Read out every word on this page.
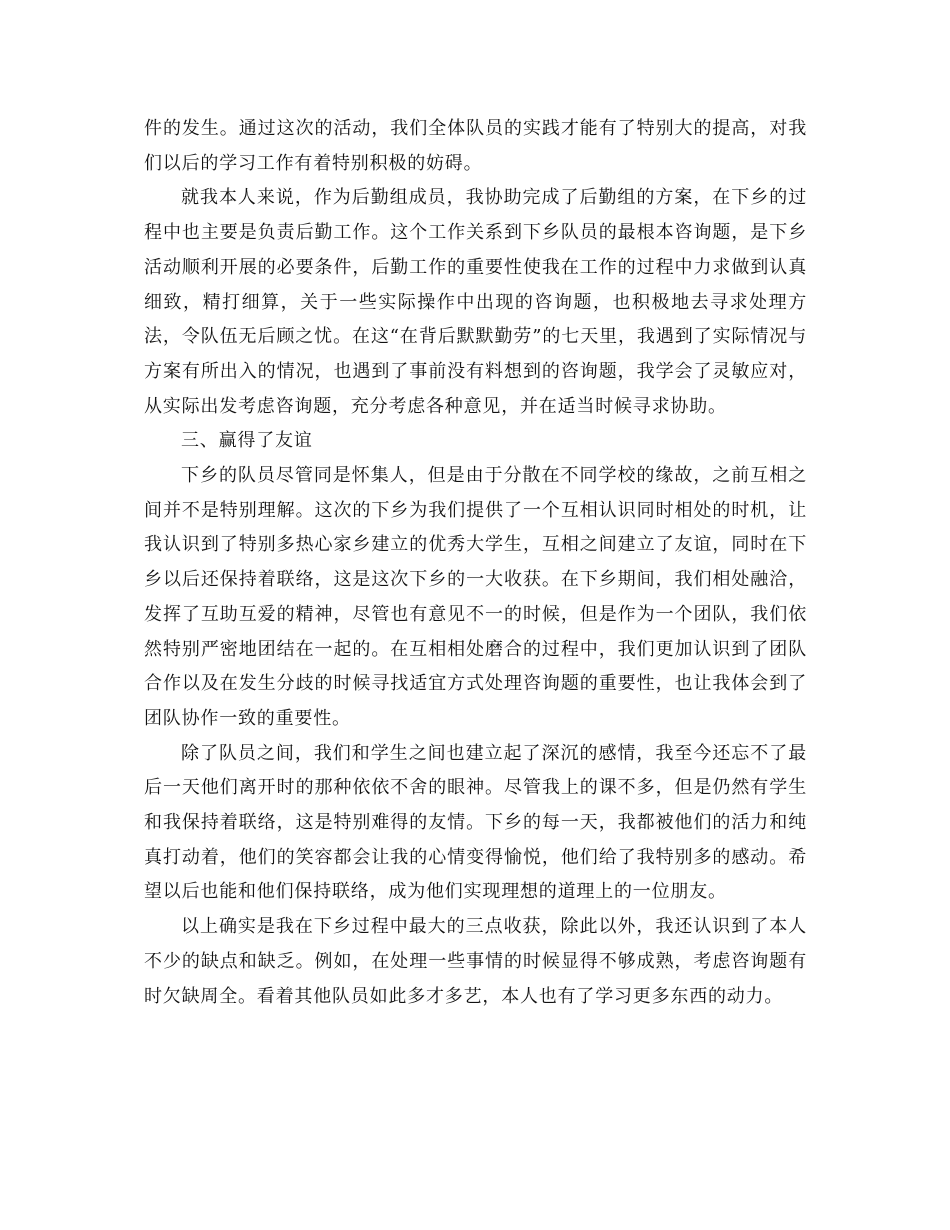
件的发生。通过这次的活动，我们全体队员的实践才能有了特别大的提高，对我们以后的学习工作有着特别积极的妨碍。

就我本人来说，作为后勤组成员，我协助完成了后勤组的方案，在下乡的过程中也主要是负责后勤工作。这个工作关系到下乡队员的最根本咨询题，是下乡活动顺利开展的必要条件，后勤工作的重要性使我在工作的过程中力求做到认真细致，精打细算，关于一些实际操作中出现的咨询题，也积极地去寻求处理方法，令队伍无后顾之忧。在这“在背后默默勤劳”的七天里，我遇到了实际情况与方案有所出入的情况，也遇到了事前没有料想到的咨询题，我学会了灵敏应对，从实际出发考虑咨询题，充分考虑各种意见，并在适当时候寻求协助。

三、赢得了友谊

下乡的队员尽管同是怀集人，但是由于分散在不同学校的缘故，之前互相之间并不是特别理解。这次的下乡为我们提供了一个互相认识同时相处的时机，让我认识到了特别多热心家乡建立的优秀大学生，互相之间建立了友谊，同时在下乡以后还保持着联络，这是这次下乡的一大收获。在下乡期间，我们相处融洽，发挥了互助互爱的精神，尽管也有意见不一的时候，但是作为一个团队，我们依然特别严密地团结在一起的。在互相相处磨合的过程中，我们更加认识到了团队合作以及在发生分歧的时候寻找适宜方式处理咨询题的重要性，也让我体会到了团队协作一致的重要性。

除了队员之间，我们和学生之间也建立起了深沉的感情，我至今还忘不了最后一天他们离开时的那种依依不舍的眼神。尽管我上的课不多，但是仍然有学生和我保持着联络，这是特别难得的友情。下乡的每一天，我都被他们的活力和纯真打动着，他们的笑容都会让我的心情变得愉悦，他们给了我特别多的感动。希望以后也能和他们保持联络，成为他们实现理想的道理上的一位朋友。

以上确实是我在下乡过程中最大的三点收获，除此以外，我还认识到了本人不少的缺点和缺乏。例如，在处理一些事情的时候显得不够成熟，考虑咨询题有时欠缺周全。看着其他队员如此多才多艺，本人也有了学习更多东西的动力。
